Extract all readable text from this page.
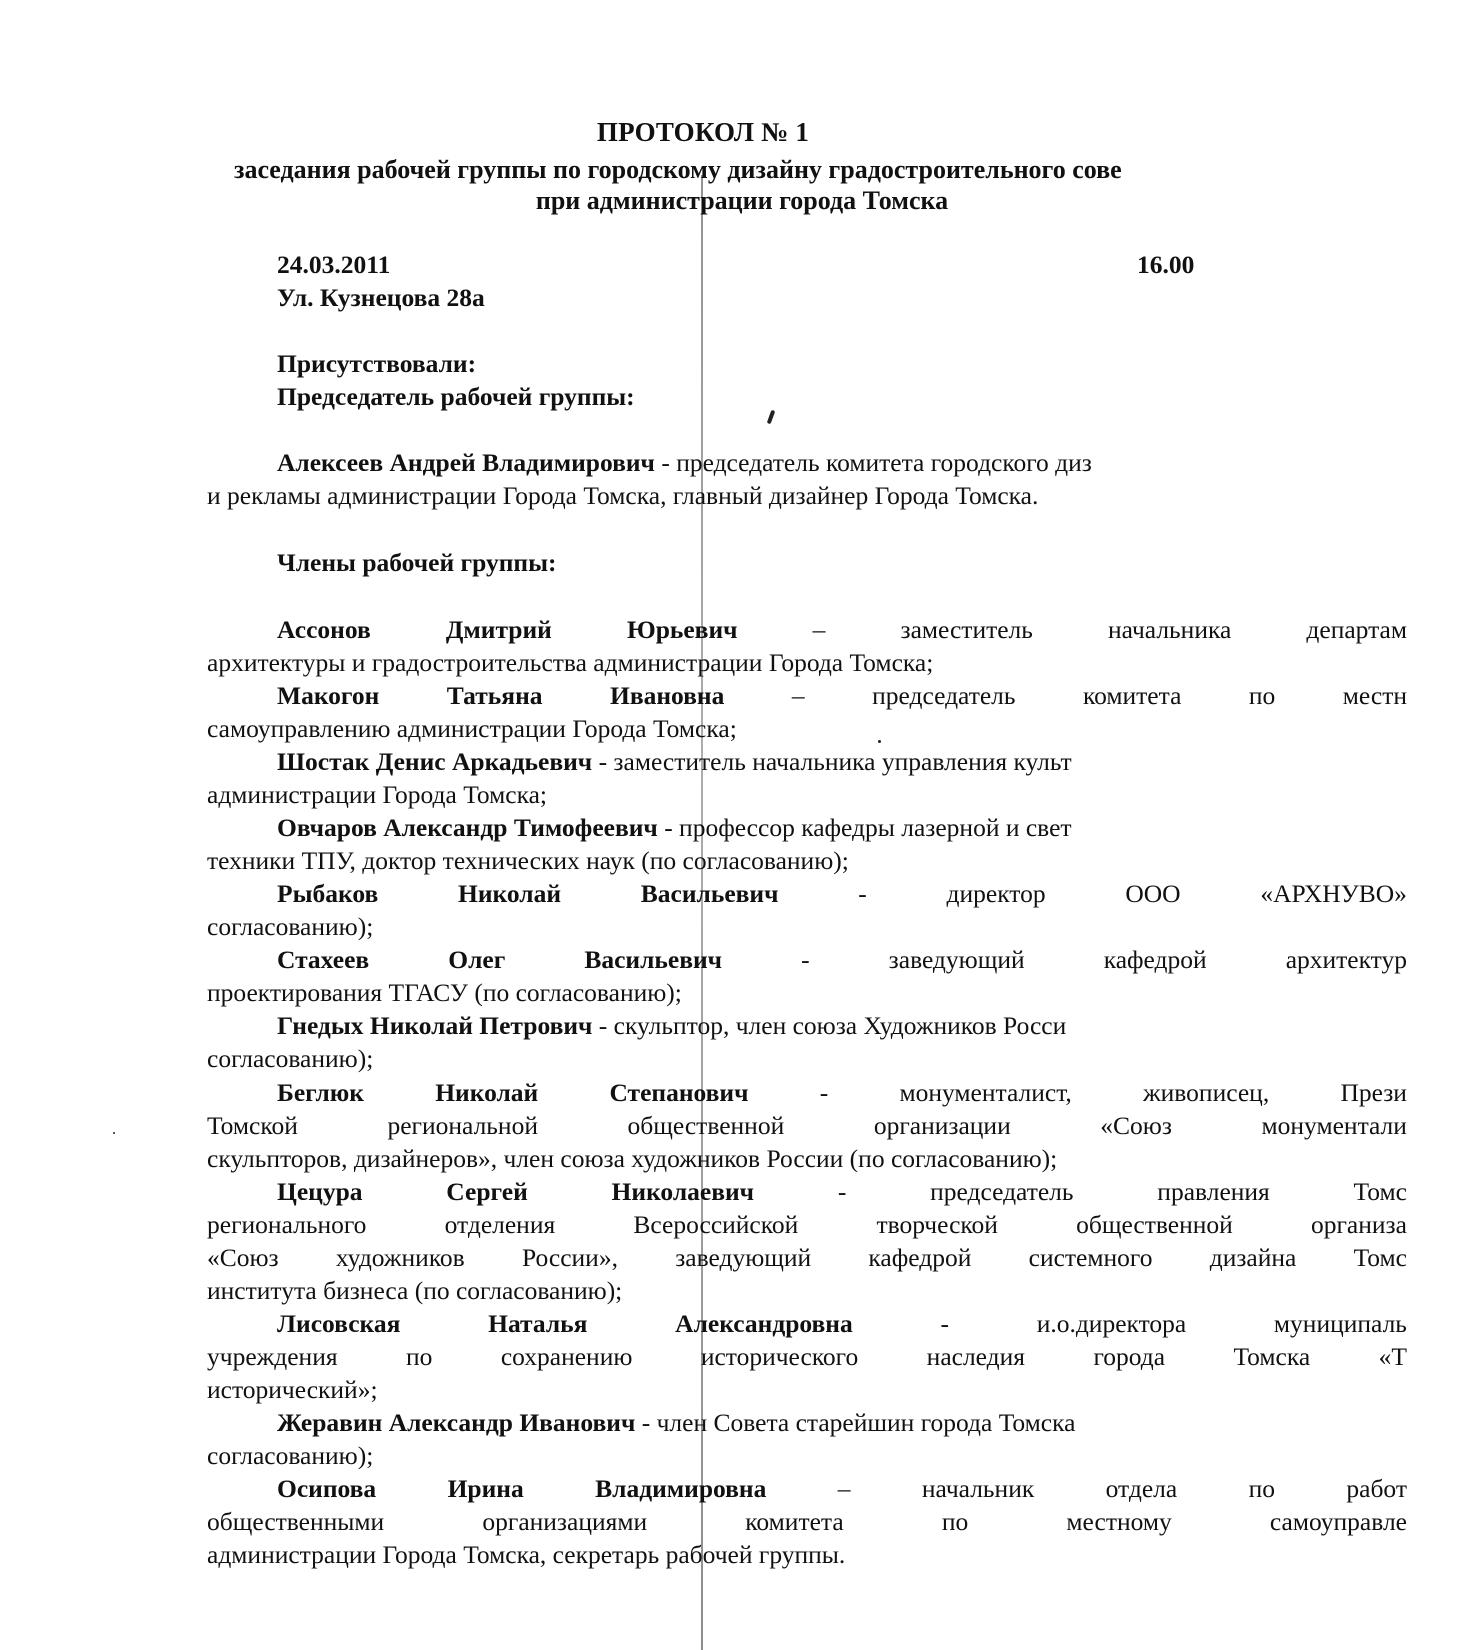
ПРОТОКОЛ № 1
заседания рабочей группы по городскому дизайну градостроительного сове
при администрации города Томска
24.03.2011	16.00
Ул. Кузнецова 28а
Присутствовали:
Председатель рабочей группы:
Алексеев Андрей Владимирович - председатель комитета городского диз
и рекламы администрации Города Томска, главный дизайнер Города Томска.
Члены рабочей группы:
Ассонов	Дмитрий	Юрьевич	–	заместитель	начальника	департам
архитектуры и градостроительства администрации Города Томска;
Макогон	Татьяна	Ивановна	–	председатель	комитета	по	местн
самоуправлению администрации Города Томска;
Шостак Денис Аркадьевич - заместитель начальника управления культ
администрации Города Томска;
Овчаров Александр Тимофеевич - профессор кафедры лазерной и свет
техники ТПУ, доктор технических наук (по согласованию);
Рыбаков	Николай	Васильевич	-	директор	ООО	«АРХНУВО»
согласованию);
Стахеев	Олег	Васильевич	-	заведующий	кафедрой	архитектур
проектирования ТГАСУ (по согласованию);
Гнедых Николай Петрович - скульптор, член союза Художников Росси
согласованию);
Беглюк	Николай	Степанович	-	монументалист,	живописец,	Прези
Томской	региональной	общественной	организации	«Союз	монументали
скульпторов, дизайнеров», член союза художников России (по согласованию);
Цецура	Сергей	Николаевич	-	председатель	правления	Томс
регионального	отделения	Всероссийской	творческой	общественной	организа
«Союз художников России», заведующий кафедрой системного дизайна Томс
института бизнеса (по согласованию);
Лисовская	Наталья	Александровна	-	и.о.директора	муниципаль
учреждения	по	сохранению	исторического	наследия	города	Томска	«Т
исторический»;
Жеравин Александр Иванович - член Совета старейшин города Томска
согласованию);
Осипова	Ирина	Владимировна	–	начальник	отдела	по	работ
общественными	организациями	комитета	по	местному	самоуправле
администрации Города Томска, секретарь рабочей группы.
